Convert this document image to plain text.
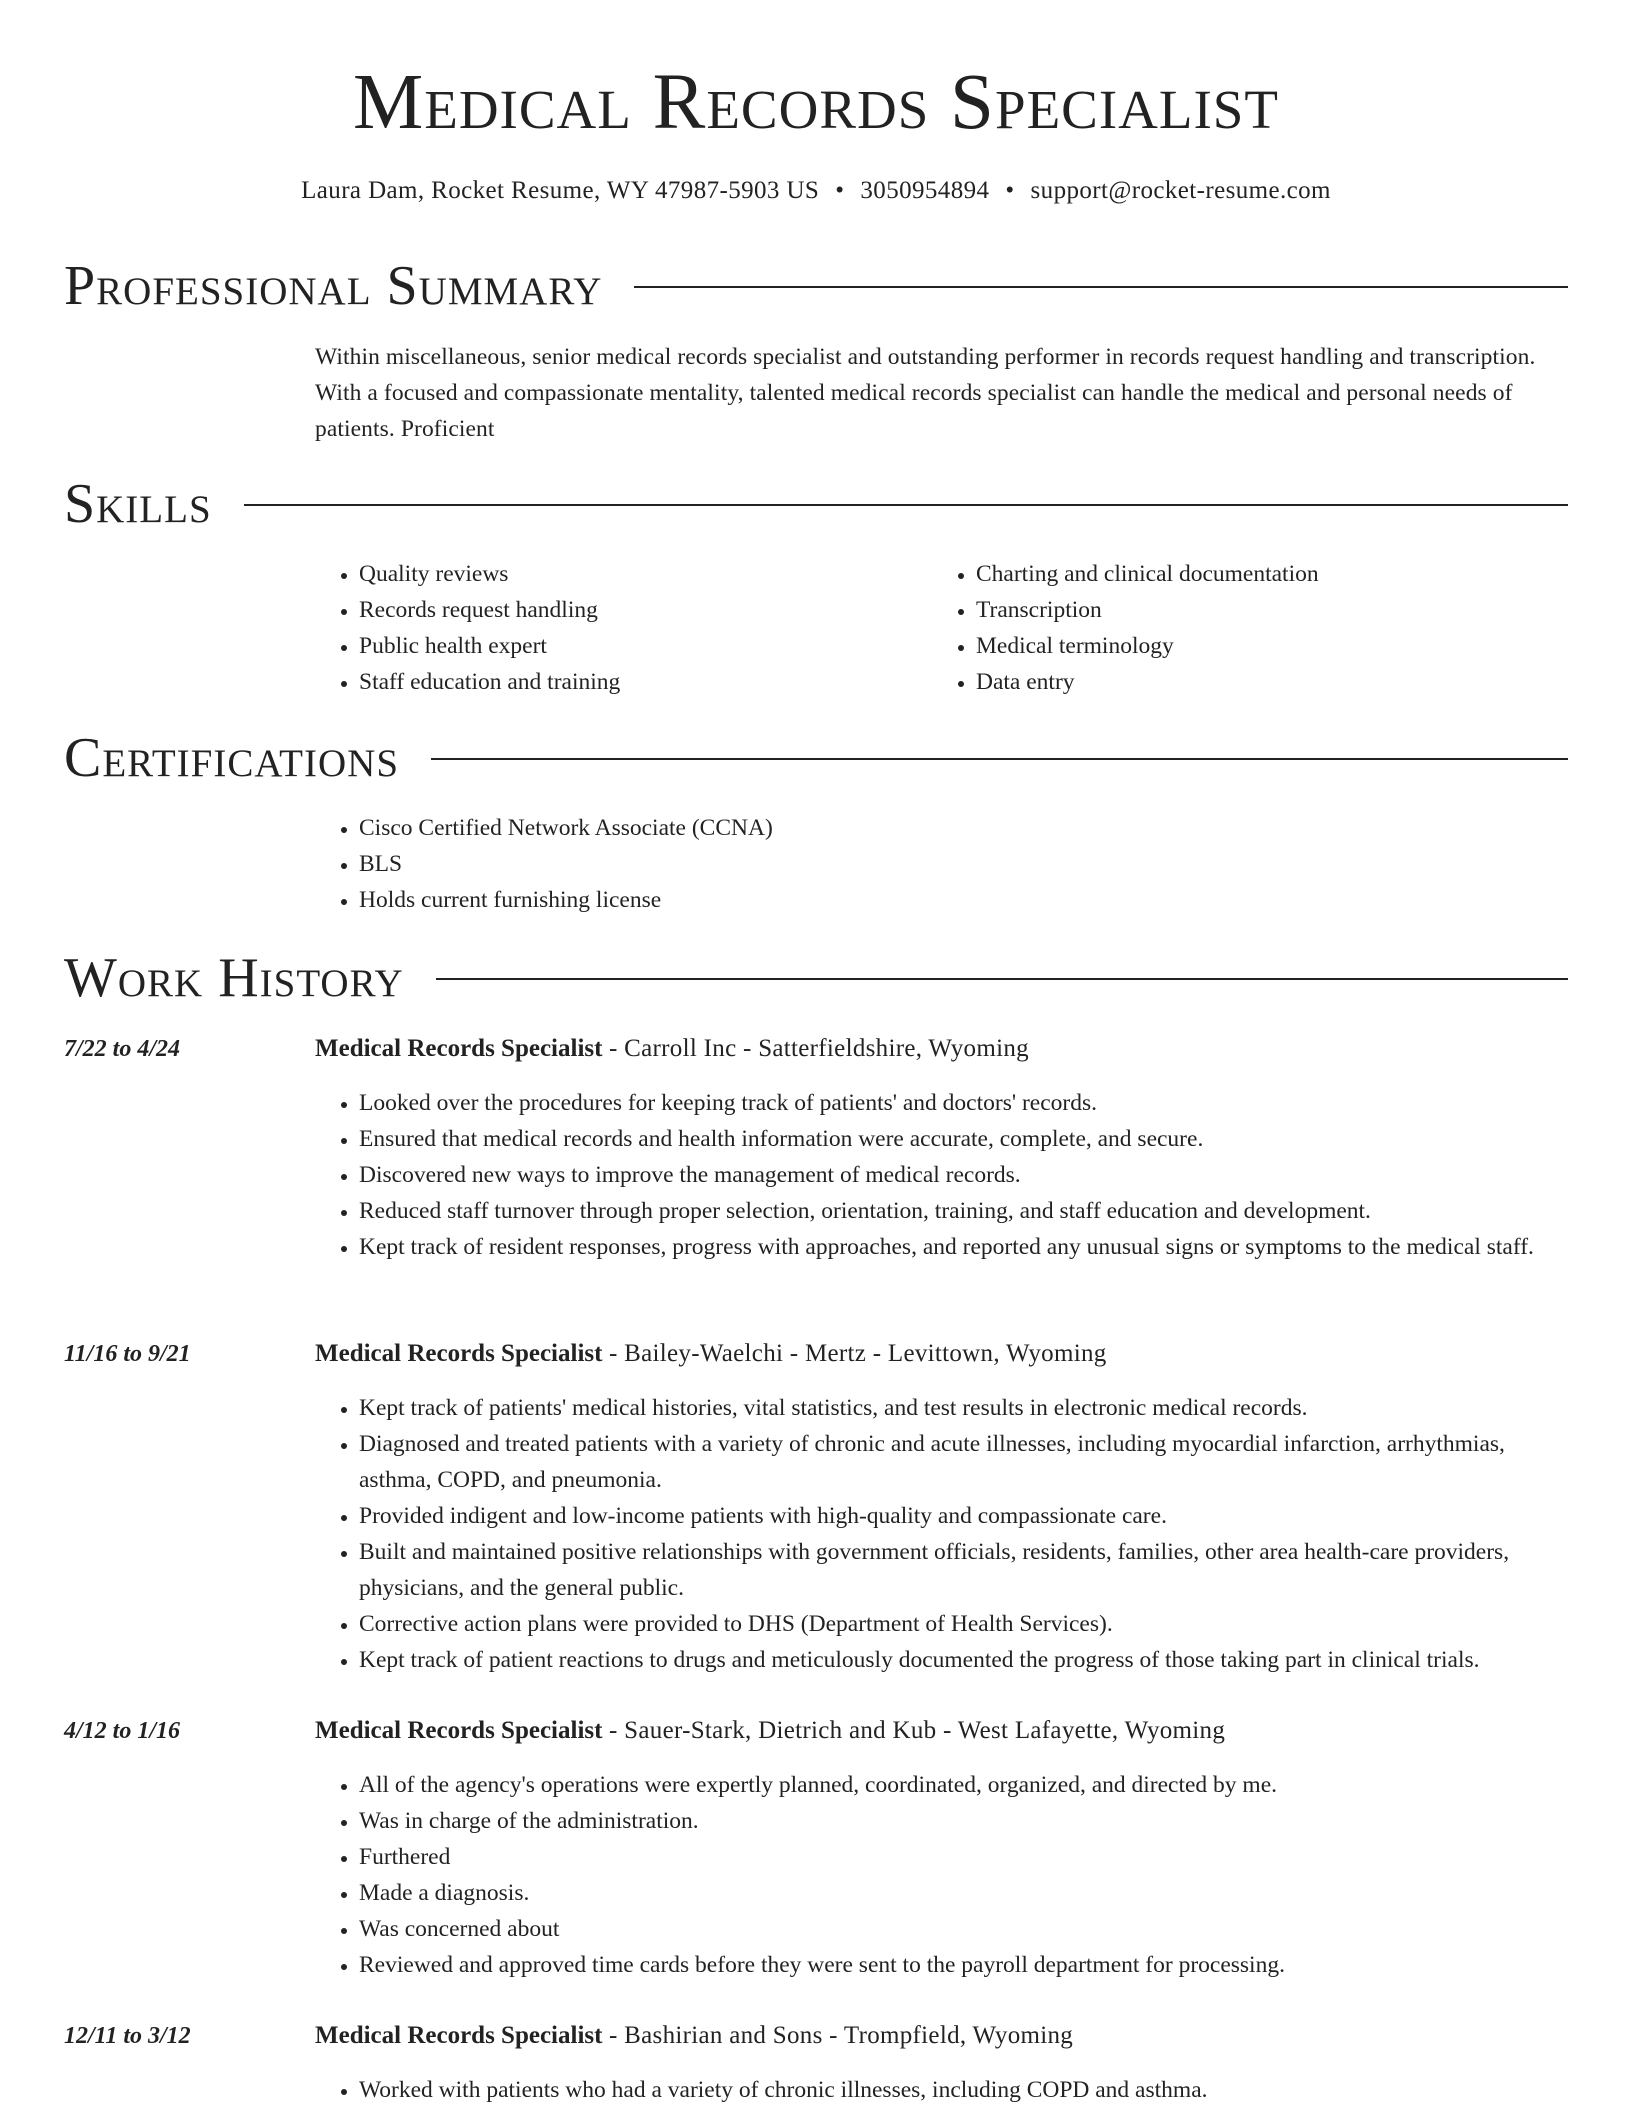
Medical Records Specialist
Laura Dam, Rocket Resume, WY 47987-5903 US • 3050954894 • support@rocket-resume.com
Professional Summary
Within miscellaneous, senior medical records specialist and outstanding performer in records request handling and transcription. With a focused and compassionate mentality, talented medical records specialist can handle the medical and personal needs of patients. Proficient
Skills
• Quality reviews
• Records request handling
• Public health expert
• Staff education and training
• Charting and clinical documentation
• Transcription
• Medical terminology
• Data entry
Certifications
• Cisco Certified Network Associate (CCNA)
• BLS
• Holds current furnishing license
Work History
7/22 to 4/24	Medical Records Specialist - Carroll Inc - Satterfieldshire, Wyoming
• Looked over the procedures for keeping track of patients' and doctors' records.
• Ensured that medical records and health information were accurate, complete, and secure.
• Discovered new ways to improve the management of medical records.
• Reduced staff turnover through proper selection, orientation, training, and staff education and development.
• Kept track of resident responses, progress with approaches, and reported any unusual signs or symptoms to the medical staff.
11/16 to 9/21	Medical Records Specialist - Bailey-Waelchi - Mertz - Levittown, Wyoming
• Kept track of patients' medical histories, vital statistics, and test results in electronic medical records.
• Diagnosed and treated patients with a variety of chronic and acute illnesses, including myocardial infarction, arrhythmias, asthma, COPD, and pneumonia.
• Provided indigent and low-income patients with high-quality and compassionate care.
• Built and maintained positive relationships with government officials, residents, families, other area health-care providers, physicians, and the general public.
• Corrective action plans were provided to DHS (Department of Health Services).
• Kept track of patient reactions to drugs and meticulously documented the progress of those taking part in clinical trials.
4/12 to 1/16	Medical Records Specialist - Sauer-Stark, Dietrich and Kub - West Lafayette, Wyoming
• All of the agency's operations were expertly planned, coordinated, organized, and directed by me.
• Was in charge of the administration.
• Furthered
• Made a diagnosis.
• Was concerned about
• Reviewed and approved time cards before they were sent to the payroll department for processing.
12/11 to 3/12	Medical Records Specialist - Bashirian and Sons - Trompfield, Wyoming
• Worked with patients who had a variety of chronic illnesses, including COPD and asthma.
